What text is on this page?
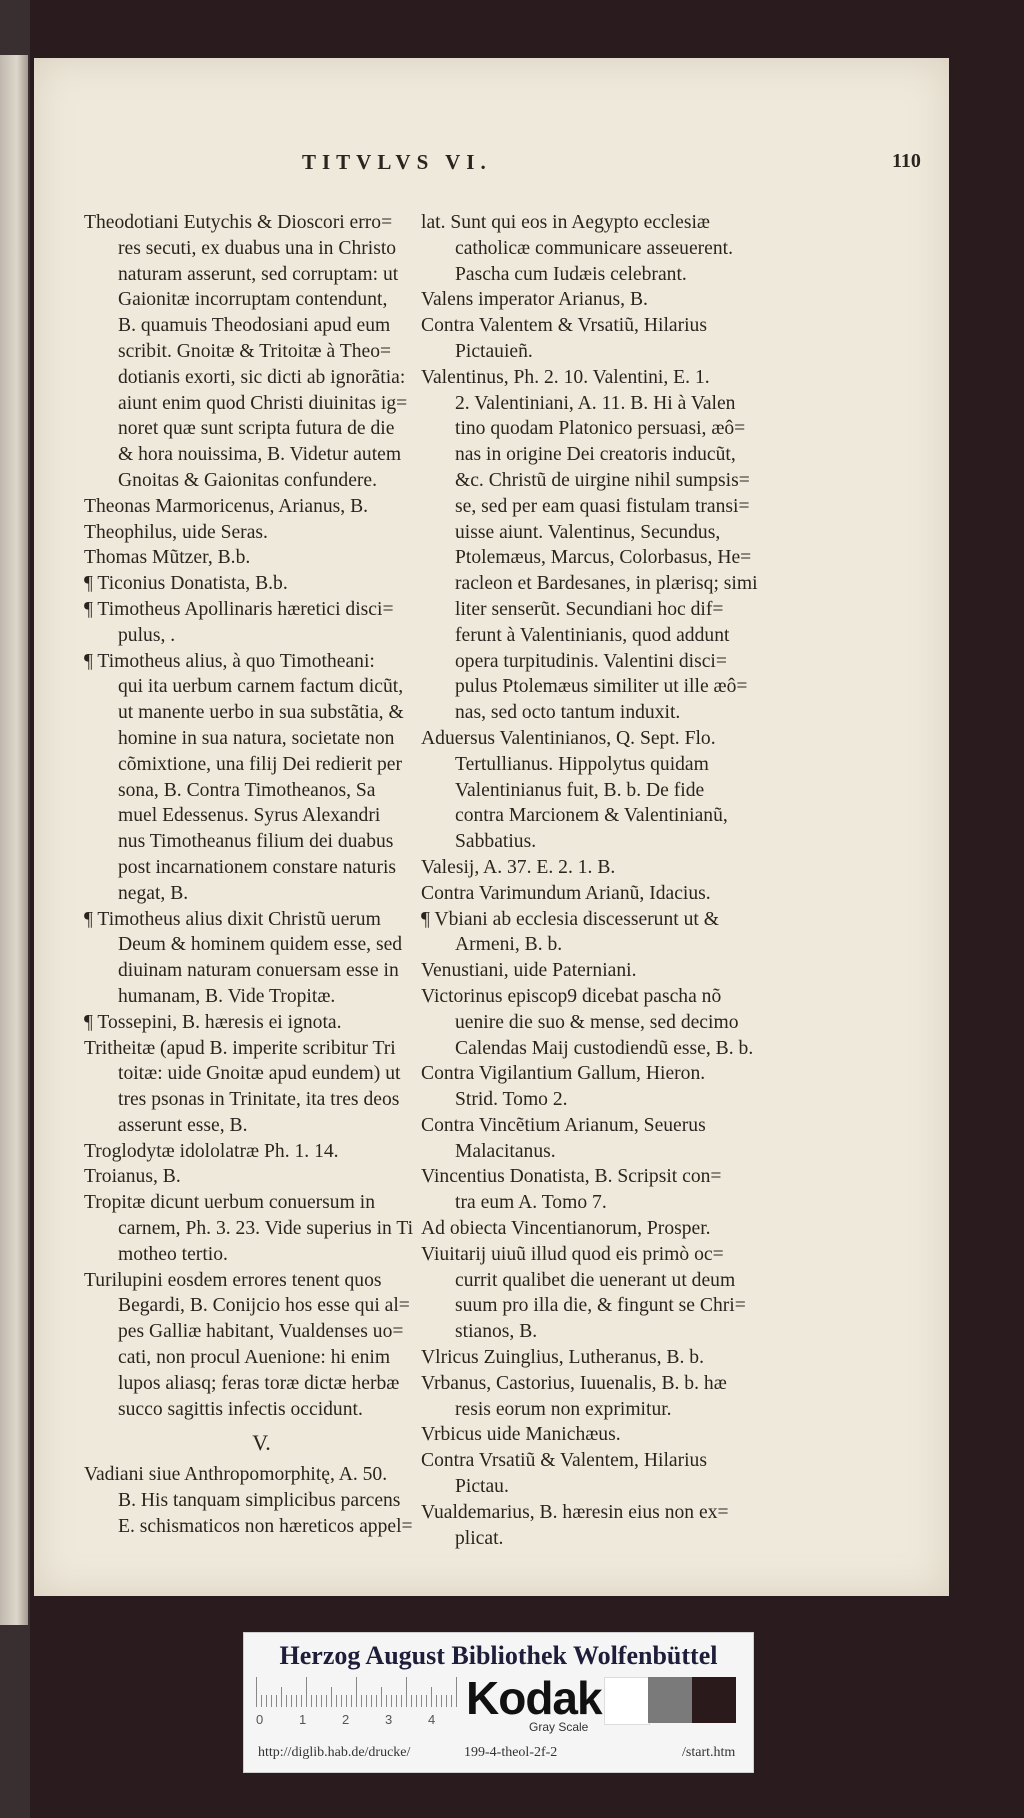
TITVLVS VI.	110
Theodotiani Eutychis & Dioscori erro=
res secuti, ex duabus una in Christo
naturam asserunt, sed corruptam: ut
Gaionitæ incorruptam contendunt,
B. quamuis Theodosiani apud eum
scribit. Gnoitæ & Tritoitæ à Theo=
dotianis exorti, sic dicti ab ignorãtia:
aiunt enim quod Christi diuinitas ig=
noret quæ sunt scripta futura de die
& hora nouissima, B. Videtur autem
Gnoitas & Gaionitas confundere.
Theonas Marmoricenus, Arianus, B.
Theophilus, uide Seras.
Thomas Mũtzer, B.b.
¶ Ticonius Donatista, B.b.
¶ Timotheus Apollinaris hæretici disci=
pulus, .
¶ Timotheus alius, à quo Timotheani:
qui ita uerbum carnem factum dicũt,
ut manente uerbo in sua substãtia, &
homine in sua natura, societate non
cõmixtione, una filij Dei redierit per
sona, B. Contra Timotheanos, Sa
muel Edessenus. Syrus Alexandri
nus Timotheanus filium dei duabus
post incarnationem constare naturis
negat, B.
¶ Timotheus alius dixit Christũ uerum
Deum & hominem quidem esse, sed
diuinam naturam conuersam esse in
humanam, B. Vide Tropitæ.
¶ Tossepini, B. hæresis ei ignota.
Tritheitæ (apud B. imperite scribitur Tri
toitæ: uide Gnoitæ apud eundem) ut
tres psonas in Trinitate, ita tres deos
asserunt esse, B.
Troglodytæ idololatræ Ph. 1. 14.
Troianus, B.
Tropitæ dicunt uerbum conuersum in
carnem, Ph. 3. 23. Vide superius in Ti
motheo tertio.
Turilupini eosdem errores tenent quos
Begardi, B. Conijcio hos esse qui al=
pes Galliæ habitant, Vualdenses uo=
cati, non procul Auenione: hi enim
lupos aliasq; feras toræ dictæ herbæ
succo sagittis infectis occidunt.
V.
Vadiani siue Anthropomorphitę, A. 50.
B. His tanquam simplicibus parcens
E. schismaticos non hæreticos appel=
lat. Sunt qui eos in Aegypto ecclesiæ
catholicæ communicare asseuerent.
Pascha cum Iudæis celebrant.
Valens imperator Arianus, B.
Contra Valentem & Vrsatiũ, Hilarius
Pictauieñ.
Valentinus, Ph. 2. 10. Valentini, E. 1.
2. Valentiniani, A. 11. B. Hi à Valen
tino quodam Platonico persuasi, æô=
nas in origine Dei creatoris inducũt,
&c. Christũ de uirgine nihil sumpsis=
se, sed per eam quasi fistulam transi=
uisse aiunt. Valentinus, Secundus,
Ptolemæus, Marcus, Colorbasus, He=
racleon et Bardesanes, in plærisq; simi
liter senserũt. Secundiani hoc dif=
ferunt à Valentinianis, quod addunt
opera turpitudinis. Valentini disci=
pulus Ptolemæus similiter ut ille æô=
nas, sed octo tantum induxit.
Aduersus Valentinianos, Q. Sept. Flo.
Tertullianus. Hippolytus quidam
Valentinianus fuit, B. b. De fide
contra Marcionem & Valentinianũ,
Sabbatius.
Valesij, A. 37. E. 2. 1. B.
Contra Varimundum Arianũ, Idacius.
¶ Vbiani ab ecclesia discesserunt ut &
Armeni, B. b.
Venustiani, uide Paterniani.
Victorinus episcop9 dicebat pascha nõ
uenire die suo & mense, sed decimo
Calendas Maij custodiendũ esse, B. b.
Contra Vigilantium Gallum, Hieron.
Strid. Tomo 2.
Contra Vincẽtium Arianum, Seuerus
Malacitanus.
Vincentius Donatista, B. Scripsit con=
tra eum A. Tomo 7.
Ad obiecta Vincentianorum, Prosper.
Viuitarij uiuũ illud quod eis primò oc=
currit qualibet die uenerant ut deum
suum pro illa die, & fingunt se Chri=
stianos, B.
Vlricus Zuinglius, Lutheranus, B. b.
Vrbanus, Castorius, Iuuenalis, B. b. hæ
resis eorum non exprimitur.
Vrbicus uide Manichæus.
Contra Vrsatiũ & Valentem, Hilarius
Pictau.
Vualdemarius, B. hæresin eius non ex=
plicat.
Herzog August Bibliothek Wolfenbüttel
0	1	2	3	4 Kodak
Gray Scale
http://diglib.hab.de/drucke/	199-4-theol-2f-2	/start.htm
